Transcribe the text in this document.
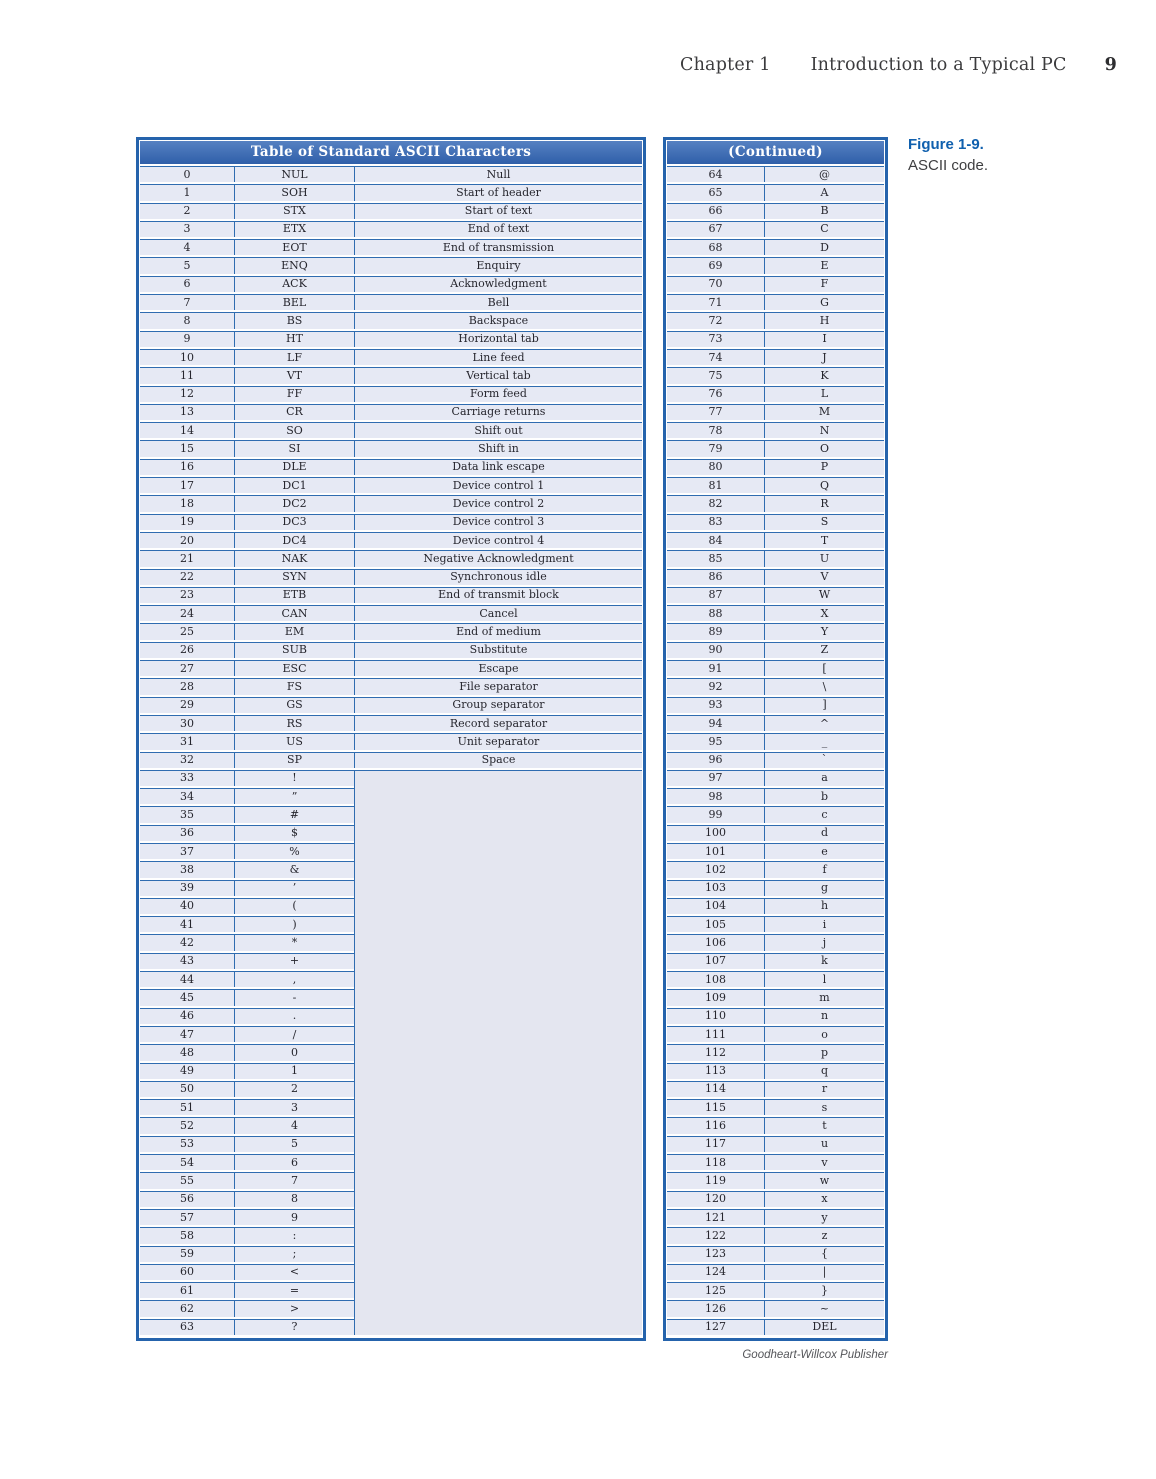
Chapter 1 Introduction to a Typical PC 9
Table of Standard ASCII Characters
0	NUL	Null
1	SOH	Start of header
2	STX	Start of text
3	ETX	End of text
4	EOT	End of transmission
5	ENQ	Enquiry
6	ACK	Acknowledgment
7	BEL	Bell
8	BS	Backspace
9	HT	Horizontal tab
10	LF	Line feed
11	VT	Vertical tab
12	FF	Form feed
13	CR	Carriage returns
14	SO	Shift out
15	SI	Shift in
16	DLE	Data link escape
17	DC1	Device control 1
18	DC2	Device control 2
19	DC3	Device control 3
20	DC4	Device control 4
21	NAK	Negative Acknowledgment
22	SYN	Synchronous idle
23	ETB	End of transmit block
24	CAN	Cancel
25	EM	End of medium
26	SUB	Substitute
27	ESC	Escape
28	FS	File separator
29	GS	Group separator
30	RS	Record separator
31	US	Unit separator
32	SP	Space
33	!	
34	”	
35	#	
36	$	
37	%	
38	&	
39	’	
40	(	
41	)	
42	*	
43	+	
44	,	
45	-	
46	.	
47	/	
48	0	
49	1	
50	2	
51	3	
52	4	
53	5	
54	6	
55	7	
56	8	
57	9	
58	:	
59	;	
60	<	
61	=	
62	>	
63	?	
(Continued)
64	@
65	A
66	B
67	C
68	D
69	E
70	F
71	G
72	H
73	I
74	J
75	K
76	L
77	M
78	N
79	O
80	P
81	Q
82	R
83	S
84	T
85	U
86	V
87	W
88	X
89	Y
90	Z
91	[
92	\
93	]
94	^
95	_
96	`
97	a
98	b
99	c
100	d
101	e
102	f
103	g
104	h
105	i
106	j
107	k
108	l
109	m
110	n
111	o
112	p
113	q
114	r
115	s
116	t
117	u
118	v
119	w
120	x
121	y
122	z
123	{
124	|
125	}
126	~
127	DEL
Figure 1-9.
ASCII code.
Goodheart-Willcox Publisher
